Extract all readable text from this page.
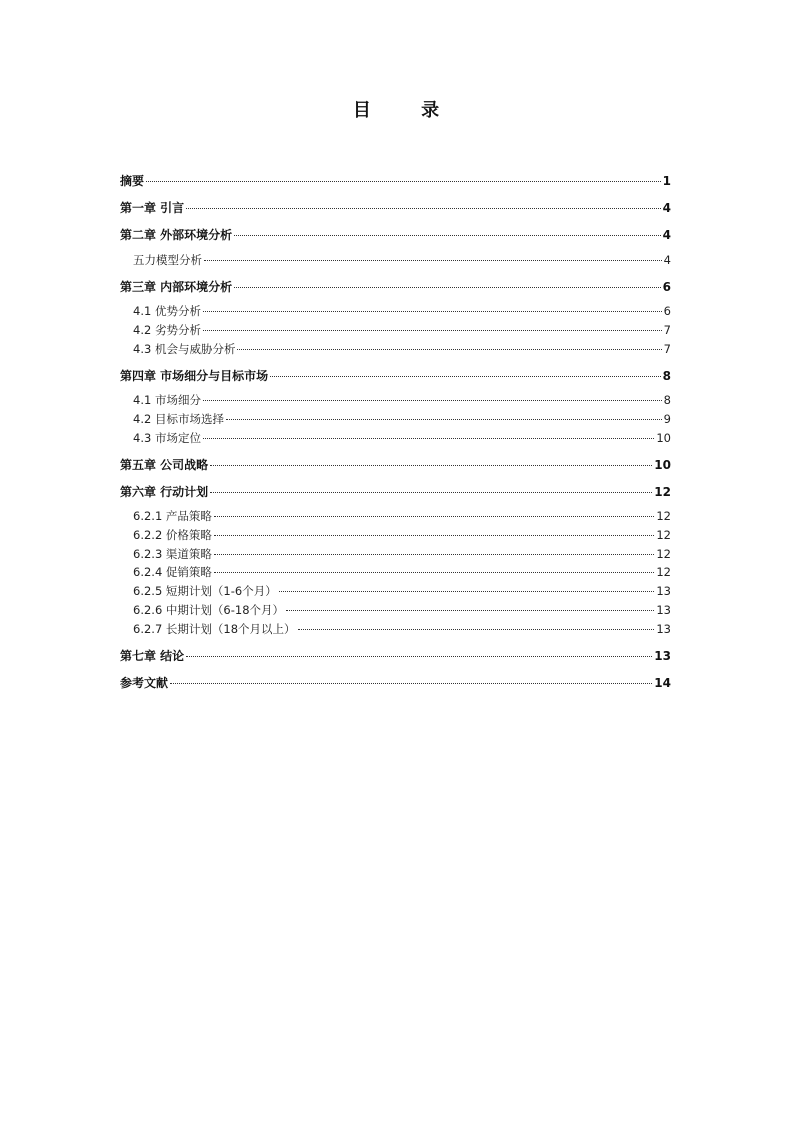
目 录
摘要	1
第一章 引言	4
第二章 外部环境分析	4
五力模型分析	4
第三章 内部环境分析	6
4.1 优势分析	6
4.2 劣势分析	7
4.3 机会与威胁分析	7
第四章 市场细分与目标市场	8
4.1 市场细分	8
4.2 目标市场选择	9
4.3 市场定位	10
第五章 公司战略	10
第六章 行动计划	12
6.2.1 产品策略	12
6.2.2 价格策略	12
6.2.3 渠道策略	12
6.2.4 促销策略	12
6.2.5 短期计划（1-6个月）	13
6.2.6 中期计划（6-18个月）	13
6.2.7 长期计划（18个月以上）	13
第七章 结论	13
参考文献	14
